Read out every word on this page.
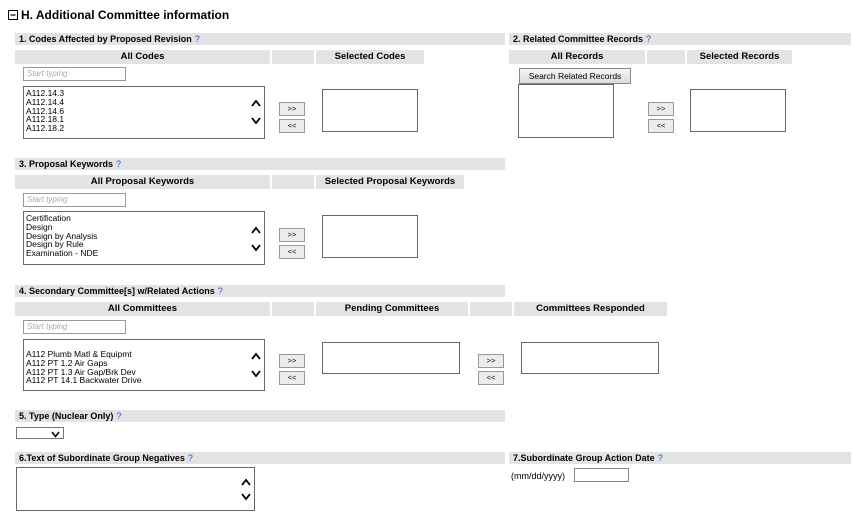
H. Additional Committee information
1. Codes Affected by Proposed Revision ?
All Codes	Selected Codes
Start typing
A112.14.3
A112.14.4
A112.14.6
A112.18.1
A112.18.2
>>
<<
2. Related Committee Records ?
All Records	Selected Records
Search Related Records
>>
<<
3. Proposal Keywords ?
All Proposal Keywords	Selected Proposal Keywords
Start typing
Certification
Design
Design by Analysis
Design by Rule
Examination - NDE
>>
<<
4. Secondary Committee[s] w/Related Actions ?
All Committees	Pending Committees	Committees Responded
Start typing
A112 Plumb Matl & Equipmt
A112 PT 1.2 Air Gaps
A112 PT 1.3 Air Gap/Brk Dev
A112 PT 14.1 Backwater Drive
>>
<<
>>
<<
5. Type (Nuclear Only) ?
6.Text of Subordinate Group Negatives ?	7.Subordinate Group Action Date ?
(mm/dd/yyyy)
